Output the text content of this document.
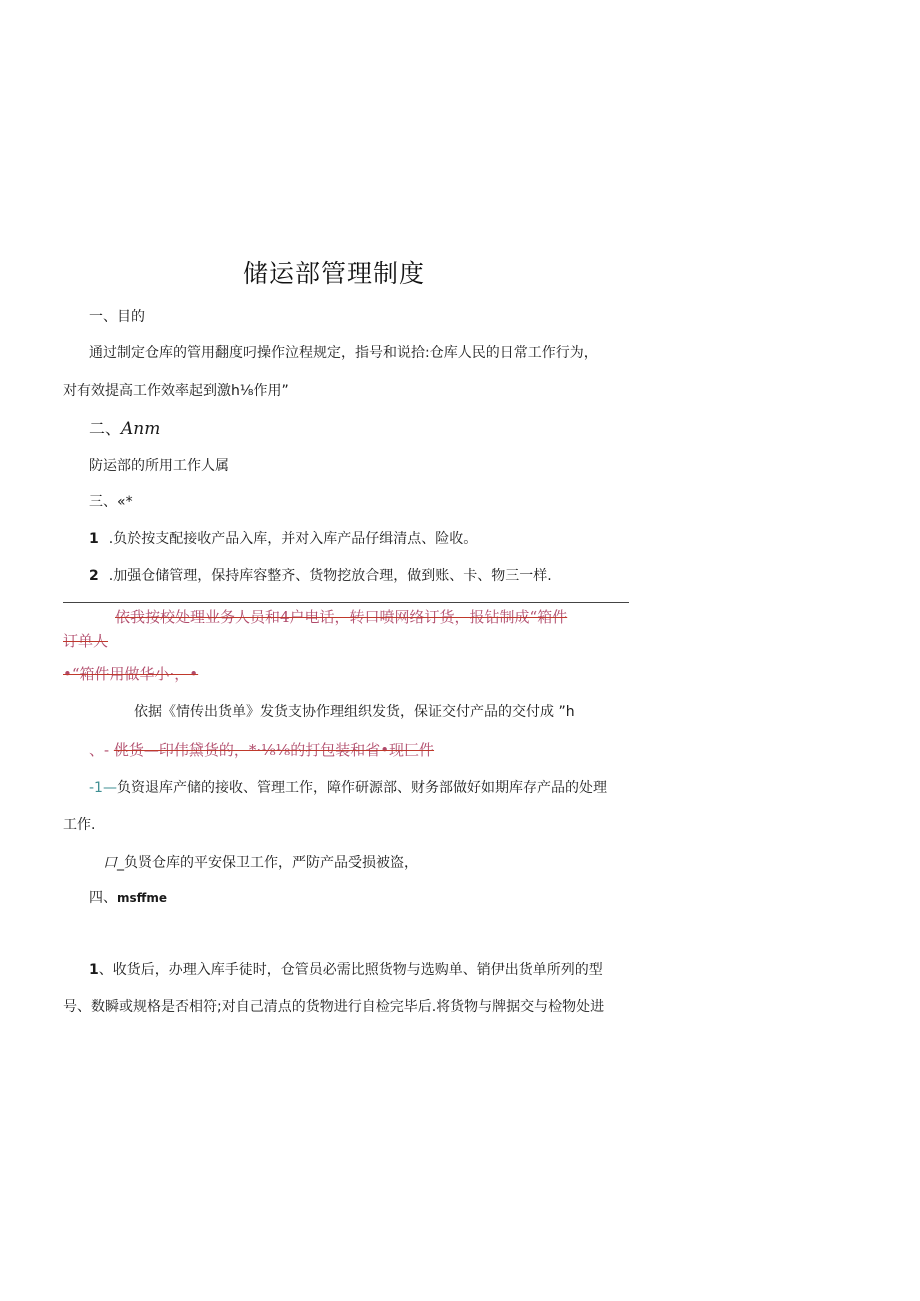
储运部管理制度
一、目的
通过制定仓库的管用翻度叼操作泣程规定，指号和说拾:仓库人民的日常工作行为，
对有效提高工作效率起到激h⅛作用”
二、Anm
防运部的所用工作人属
三、«*
1 .负於按支配接收产品入库，并对入库产品仔缉清点、险收。
2 .加强仓储管理，保持库容整齐、货物挖放合理，做到账、卡、物三一样.
依我按校处理业务人员和4户电话，转口喷网络订货，报钻制成“箱件
订单人
•“箱件用做华小·，•
依据《情传出货单》发货支协作理组织发货，保证交付产品的交付成 ”h
、- 佻货—印伟黛货的，*·⅛⅛的打包装和省•现匚件
-1—负资退库产储的接收、管理工作，障作研源部、财务部做好如期库存产品的处理
工作.
口_负贤仓库的平安保卫工作，严防产品受损被盗，
四、msffme
1、收货后，办理入库手徒时，仓管员必需比照货物与选购单、销伊出货单所列的型
号、数瞬或规格是否相符;对自己清点的货物进行自检完毕后.将货物与牌据交与检物处进
